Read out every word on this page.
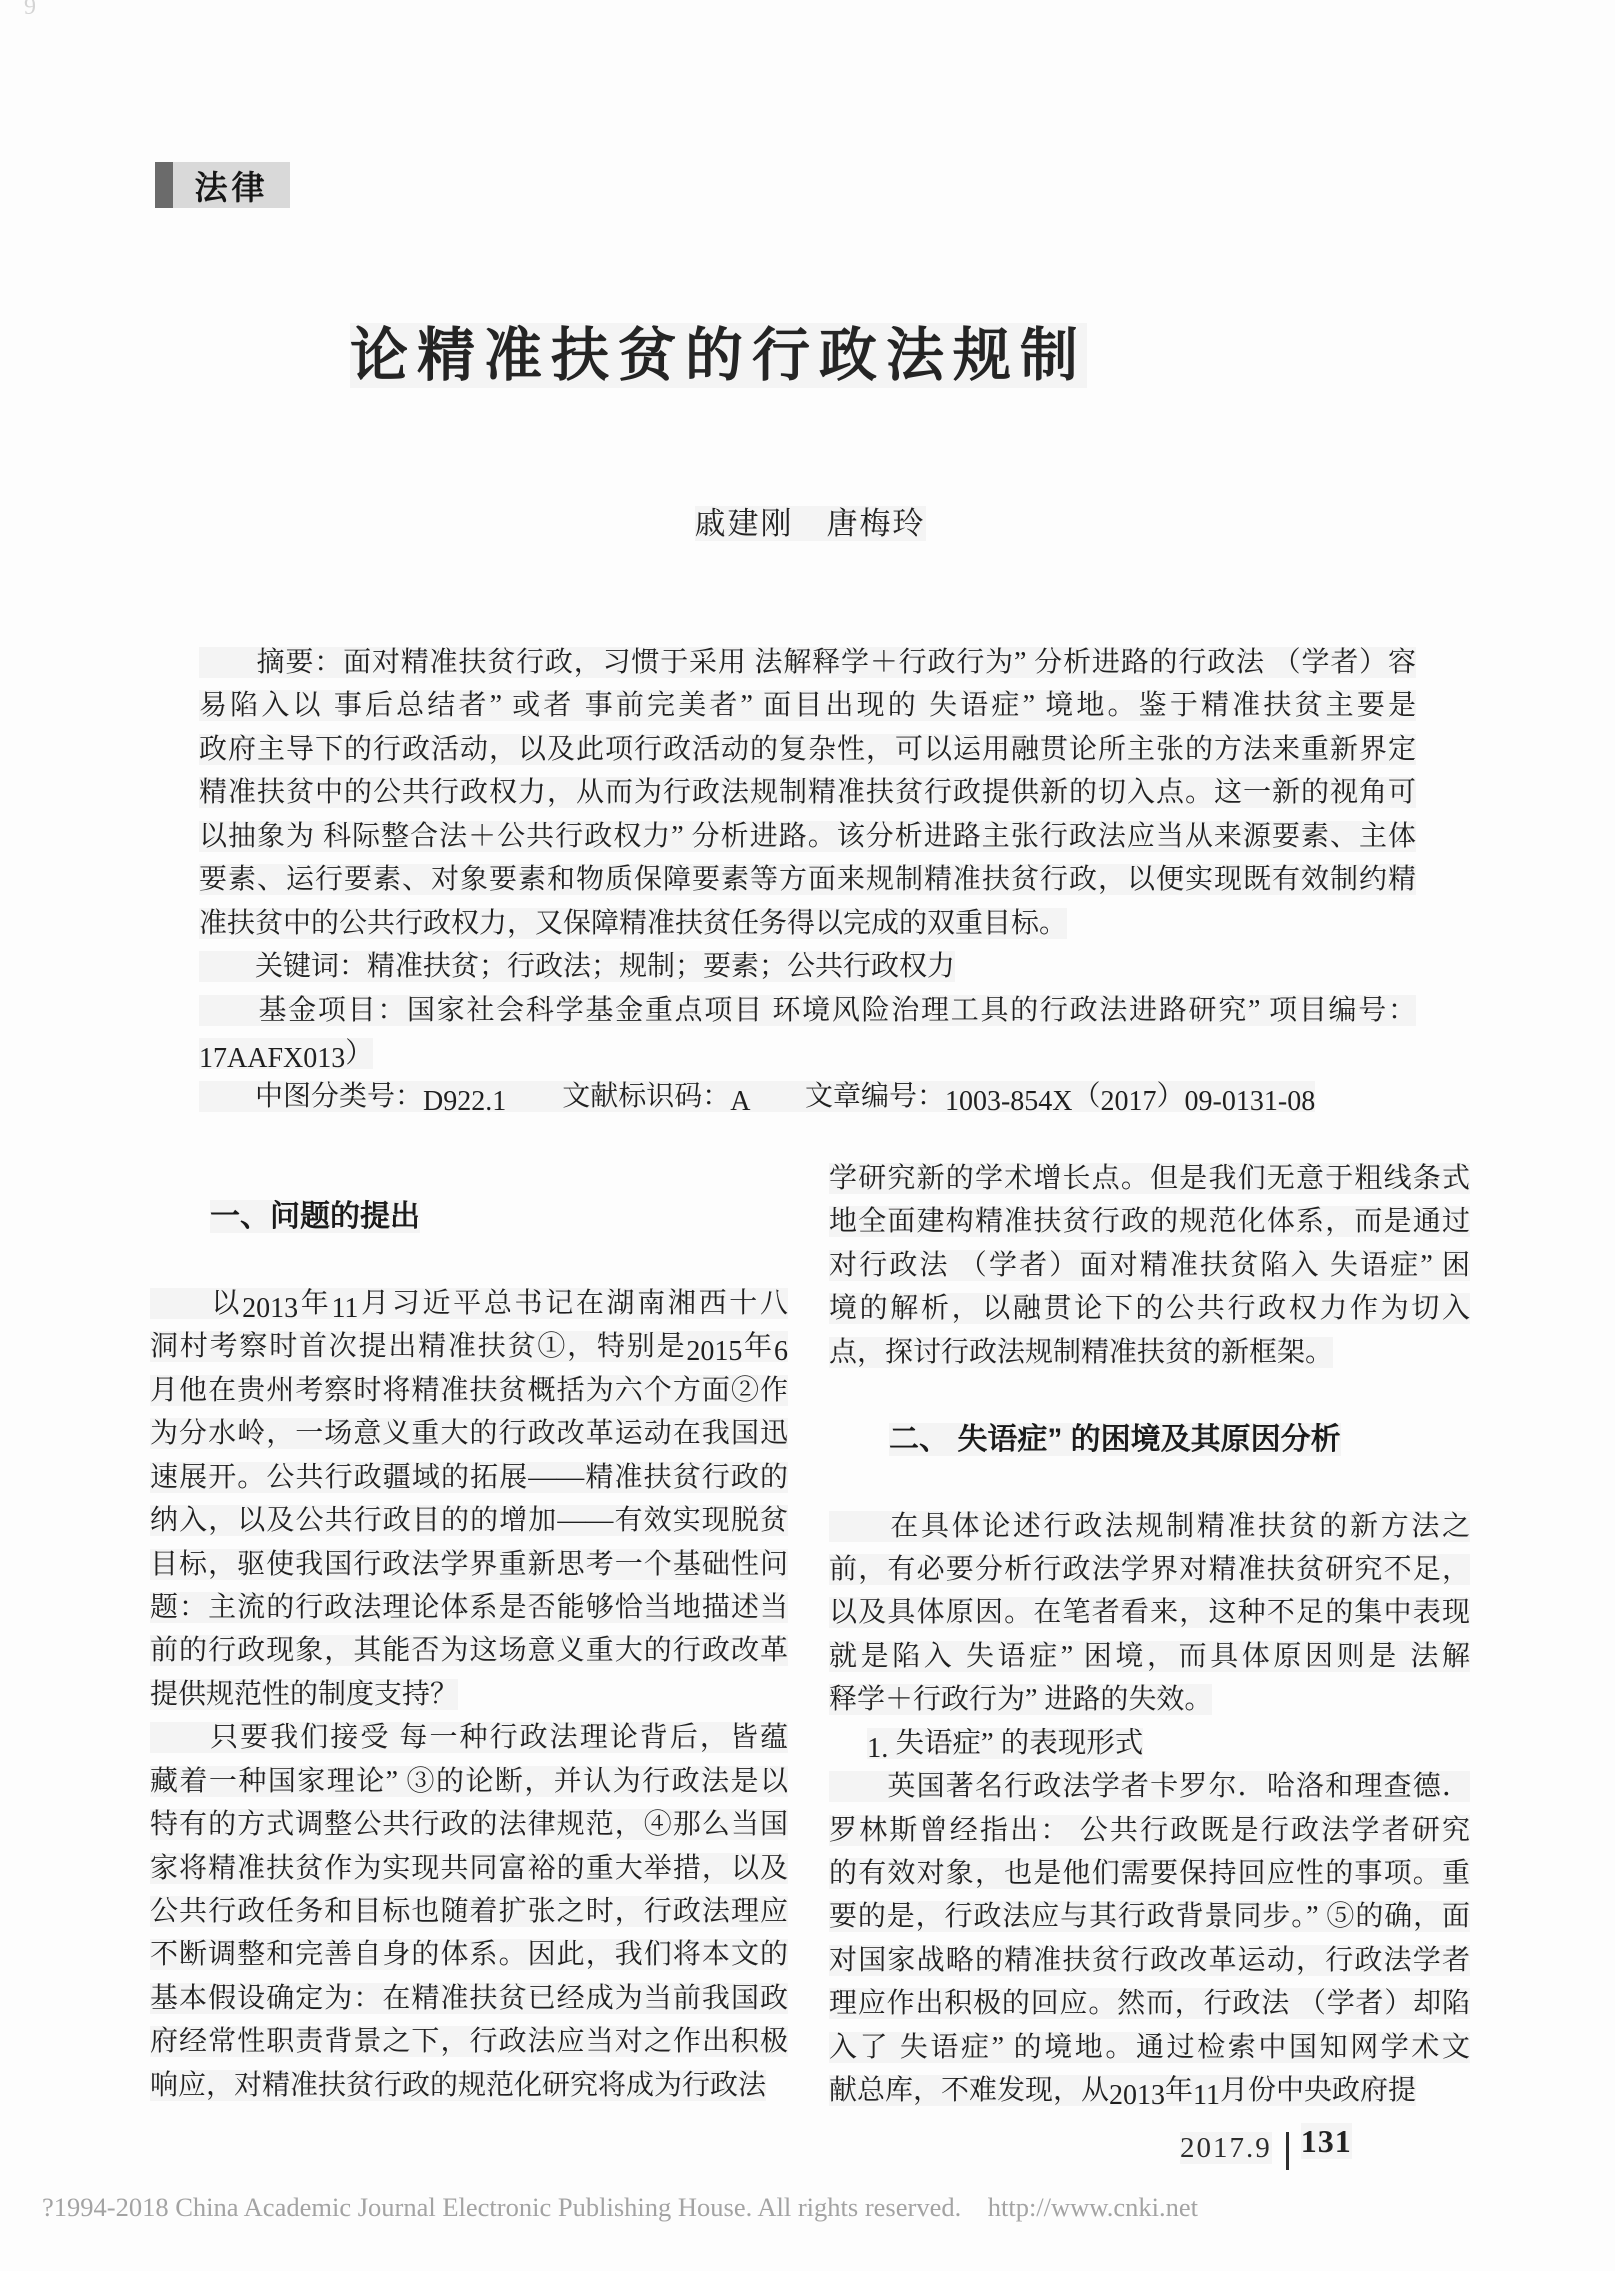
9
法律
论精准扶贫的行政法规制
戚建刚　唐梅玲
　　摘要：面对精准扶贫行政，习惯于采用 法解释学＋行政行为” 分析进路的行政法 （学者）容
易陷入以 事后总结者” 或者 事前完美者” 面目出现的 失语症” 境地。鉴于精准扶贫主要是
政府主导下的行政活动，以及此项行政活动的复杂性，可以运用融贯论所主张的方法来重新界定
精准扶贫中的公共行政权力，从而为行政法规制精准扶贫行政提供新的切入点。这一新的视角可
以抽象为 科际整合法＋公共行政权力” 分析进路。该分析进路主张行政法应当从来源要素、主体
要素、运行要素、对象要素和物质保障要素等方面来规制精准扶贫行政，以便实现既有效制约精
准扶贫中的公共行政权力，又保障精准扶贫任务得以完成的双重目标。
　　关键词：精准扶贫；行政法；规制；要素；公共行政权力
　　基金项目：国家社会科学基金重点项目 环境风险治理工具的行政法进路研究” 项目编号：
17AAFX013）
　　中图分类号：D922.1　　文献标识码：A　　文章编号：1003-854X（2017）09-0131-08
一、问题的提出
　　以2013年11月习近平总书记在湖南湘西十八
洞村考察时首次提出精准扶贫①，特别是2015年6
月他在贵州考察时将精准扶贫概括为六个方面②作
为分水岭，一场意义重大的行政改革运动在我国迅
速展开。公共行政疆域的拓展——精准扶贫行政的
纳入，以及公共行政目的的增加——有效实现脱贫
目标，驱使我国行政法学界重新思考一个基础性问
题：主流的行政法理论体系是否能够恰当地描述当
前的行政现象，其能否为这场意义重大的行政改革
提供规范性的制度支持？
　　只要我们接受 每一种行政法理论背后，皆蕴
藏着一种国家理论” ③的论断，并认为行政法是以
特有的方式调整公共行政的法律规范，④那么当国
家将精准扶贫作为实现共同富裕的重大举措，以及
公共行政任务和目标也随着扩张之时，行政法理应
不断调整和完善自身的体系。因此，我们将本文的
基本假设确定为：在精准扶贫已经成为当前我国政
府经常性职责背景之下，行政法应当对之作出积极
响应，对精准扶贫行政的规范化研究将成为行政法
学研究新的学术增长点。但是我们无意于粗线条式
地全面建构精准扶贫行政的规范化体系，而是通过
对行政法 （学者）面对精准扶贫陷入 失语症” 困
境的解析，以融贯论下的公共行政权力作为切入
点，探讨行政法规制精准扶贫的新框架。
二、 失语症” 的困境及其原因分析
　　在具体论述行政法规制精准扶贫的新方法之
前，有必要分析行政法学界对精准扶贫研究不足，
以及具体原因。在笔者看来，这种不足的集中表现
就是陷入 失语症” 困境，而具体原因则是 法解
释学＋行政行为” 进路的失效。
1. 失语症” 的表现形式
　　英国著名行政法学者卡罗尔．哈洛和理查德．
罗林斯曾经指出： 公共行政既是行政法学者研究
的有效对象，也是他们需要保持回应性的事项。重
要的是，行政法应与其行政背景同步。” ⑤的确，面
对国家战略的精准扶贫行政改革运动，行政法学者
理应作出积极的回应。然而，行政法 （学者）却陷
入了 失语症” 的境地。通过检索中国知网学术文
献总库，不难发现，从2013年11月份中央政府提
2017.9 131
?1994-2018 China Academic Journal Electronic Publishing House. All rights reserved.    http://www.cnki.net
